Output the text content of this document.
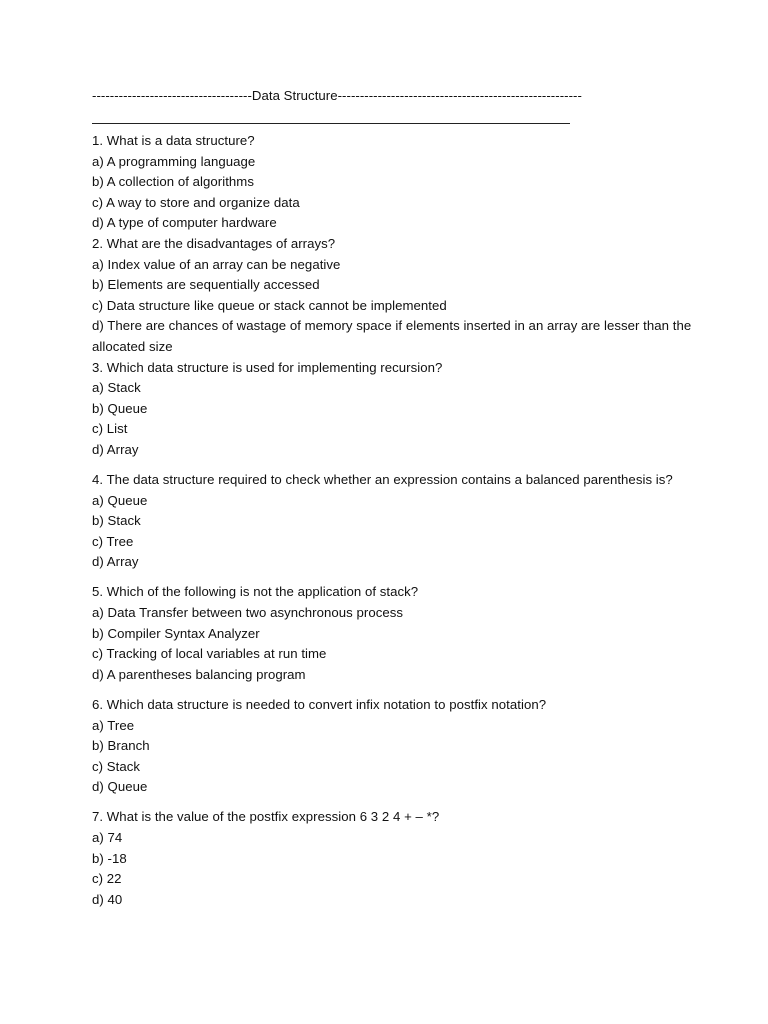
------------------------------------Data Structure-------------------------------------------------------
1. What is a data structure?
a) A programming language
b) A collection of algorithms
c) A way to store and organize data
d) A type of computer hardware
2. What are the disadvantages of arrays?
a) Index value of an array can be negative
b) Elements are sequentially accessed
c) Data structure like queue or stack cannot be implemented
d) There are chances of wastage of memory space if elements inserted in an array are lesser than the allocated size
3. Which data structure is used for implementing recursion?
a) Stack
b) Queue
c) List
d) Array
4. The data structure required to check whether an expression contains a balanced parenthesis is?
a) Queue
b) Stack
c) Tree
d) Array
5. Which of the following is not the application of stack?
a) Data Transfer between two asynchronous process
b) Compiler Syntax Analyzer
c) Tracking of local variables at run time
d) A parentheses balancing program
6. Which data structure is needed to convert infix notation to postfix notation?
a) Tree
b) Branch
c) Stack
d) Queue
7. What is the value of the postfix expression 6 3 2 4 + – *?
a) 74
b) -18
c) 22
d) 40
